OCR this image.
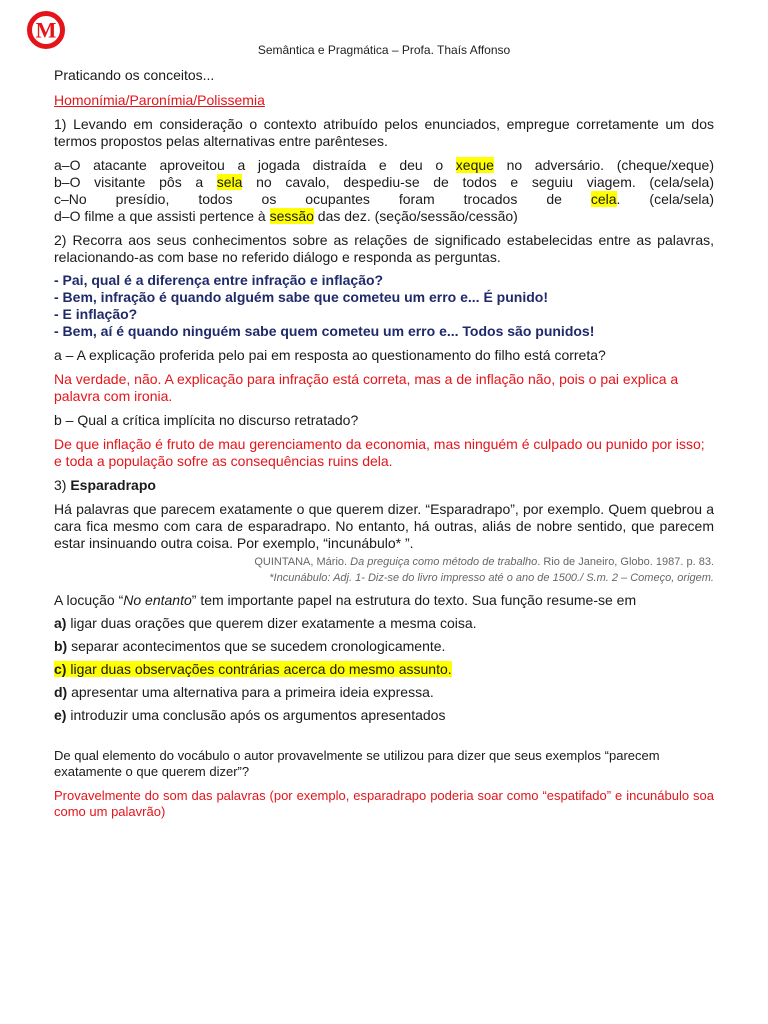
M
Semântica e Pragmática – Profa. Thaís Affonso

Praticando os conceitos...

Homonímia/Paronímia/Polissemia

1) Levando em consideração o contexto atribuído pelos enunciados, empregue corretamente um dos termos propostos pelas alternativas entre parênteses.

a–O atacante aproveitou a jogada distraída e deu o xeque no adversário. (cheque/xeque)

b–O visitante pôs a sela no cavalo, despediu-se de todos e seguiu viagem. (cela/sela)

c–No presídio, todos os ocupantes foram trocados de cela. (cela/sela)

d–O filme a que assisti pertence à sessão das dez. (seção/sessão/cessão)

2) Recorra aos seus conhecimentos sobre as relações de significado estabelecidas entre as palavras, relacionando-as com base no referido diálogo e responda as perguntas.

- Pai, qual é a diferença entre infração e inflação?

- Bem, infração é quando alguém sabe que cometeu um erro e... É punido!

- E inflação?

- Bem, aí é quando ninguém sabe quem cometeu um erro e... Todos são punidos!

a – A explicação proferida pelo pai em resposta ao questionamento do filho está correta?

Na verdade, não. A explicação para infração está correta, mas a de inflação não, pois o pai explica a palavra com ironia.

b – Qual a crítica implícita no discurso retratado?

De que inflação é fruto de mau gerenciamento da economia, mas ninguém é culpado ou punido por isso; e toda a população sofre as consequências ruins dela.

3) Esparadrapo

Há palavras que parecem exatamente o que querem dizer. “Esparadrapo”, por exemplo. Quem quebrou a cara fica mesmo com cara de esparadrapo. No entanto, há outras, aliás de nobre sentido, que parecem estar insinuando outra coisa. Por exemplo, “incunábulo* ”.

QUINTANA, Mário. Da preguiça como método de trabalho. Rio de Janeiro, Globo. 1987. p. 83.

*Incunábulo: Adj. 1- Diz-se do livro impresso até o ano de 1500./ S.m. 2 – Começo, origem.

A locução “No entanto” tem importante papel na estrutura do texto. Sua função resume-se em

a) ligar duas orações que querem dizer exatamente a mesma coisa.

b) separar acontecimentos que se sucedem cronologicamente.

c) ligar duas observações contrárias acerca do mesmo assunto.

d) apresentar uma alternativa para a primeira ideia expressa.

e) introduzir uma conclusão após os argumentos apresentados

De qual elemento do vocábulo o autor provavelmente se utilizou para dizer que seus exemplos “parecem exatamente o que querem dizer”?

Provavelmente do som das palavras (por exemplo, esparadrapo poderia soar como “espatifado” e incunábulo soa como um palavrão)
